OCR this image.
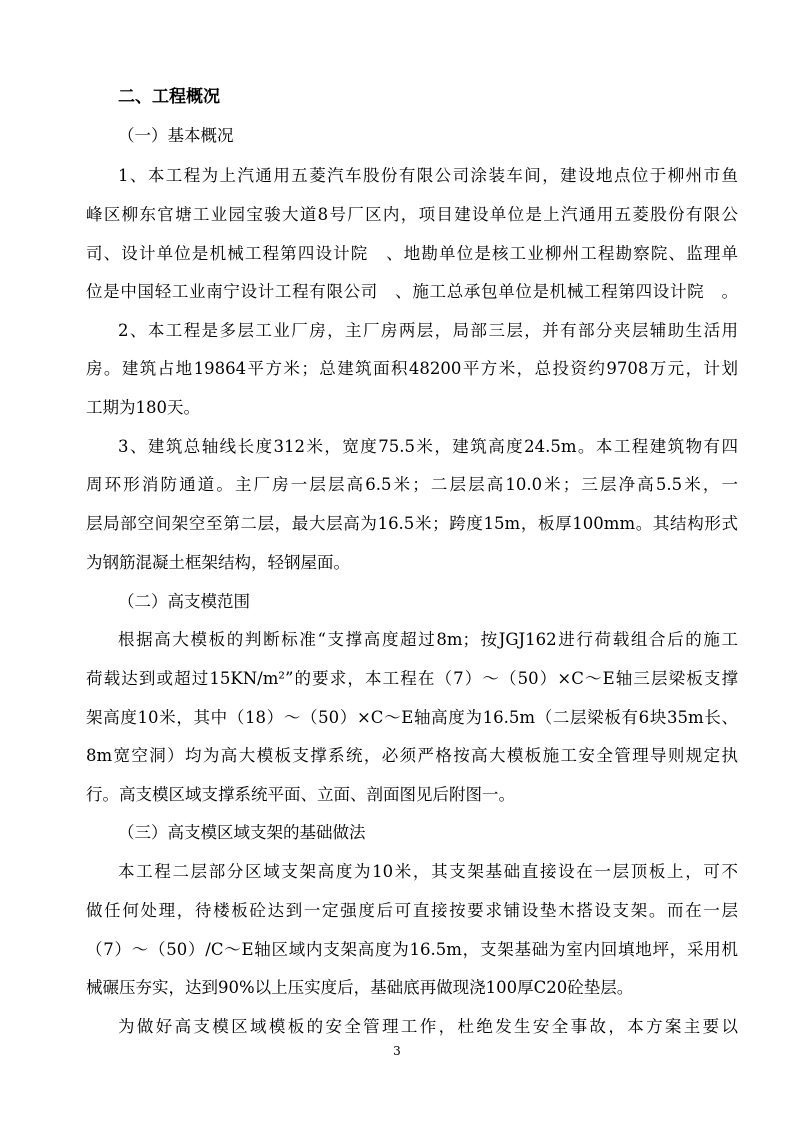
二、工程概况
（一）基本概况
1、本工程为上汽通用五菱汽车股份有限公司涂装车间，建设地点位于柳州市鱼
峰区柳东官塘工业园宝骏大道8号厂区内，项目建设单位是上汽通用五菱股份有限公
司、设计单位是机械工程第四设计院　、地勘单位是核工业柳州工程勘察院、监理单
位是中国轻工业南宁设计工程有限公司　、施工总承包单位是机械工程第四设计院　。
2、本工程是多层工业厂房，主厂房两层，局部三层，并有部分夹层辅助生活用
房。建筑占地19864平方米；总建筑面积48200平方米，总投资约9708万元，计划
工期为180天。
3、建筑总轴线长度312米，宽度75.5米，建筑高度24.5m。本工程建筑物有四
周环形消防通道。主厂房一层层高6.5米；二层层高10.0米；三层净高5.5米，一
层局部空间架空至第二层，最大层高为16.5米；跨度15m，板厚100mm。其结构形式
为钢筋混凝土框架结构，轻钢屋面。
（二）高支模范围
根据高大模板的判断标准“支撑高度超过8m；按JGJ162进行荷载组合后的施工
荷载达到或超过15KN/m²”的要求，本工程在（7）～（50）×C～E轴三层梁板支撑
架高度10米，其中（18）～（50）×C～E轴高度为16.5m（二层梁板有6块35m长、
8m宽空洞）均为高大模板支撑系统，必须严格按高大模板施工安全管理导则规定执
行。高支模区域支撑系统平面、立面、剖面图见后附图一。
（三）高支模区域支架的基础做法
本工程二层部分区域支架高度为10米，其支架基础直接设在一层顶板上，可不
做任何处理，待楼板砼达到一定强度后可直接按要求铺设垫木搭设支架。而在一层
（7）～（50）/C～E轴区域内支架高度为16.5m，支架基础为室内回填地坪，采用机
械碾压夯实，达到90%以上压实度后，基础底再做现浇100厚C20砼垫层。
为做好高支模区域模板的安全管理工作，杜绝发生安全事故，本方案主要以
3
